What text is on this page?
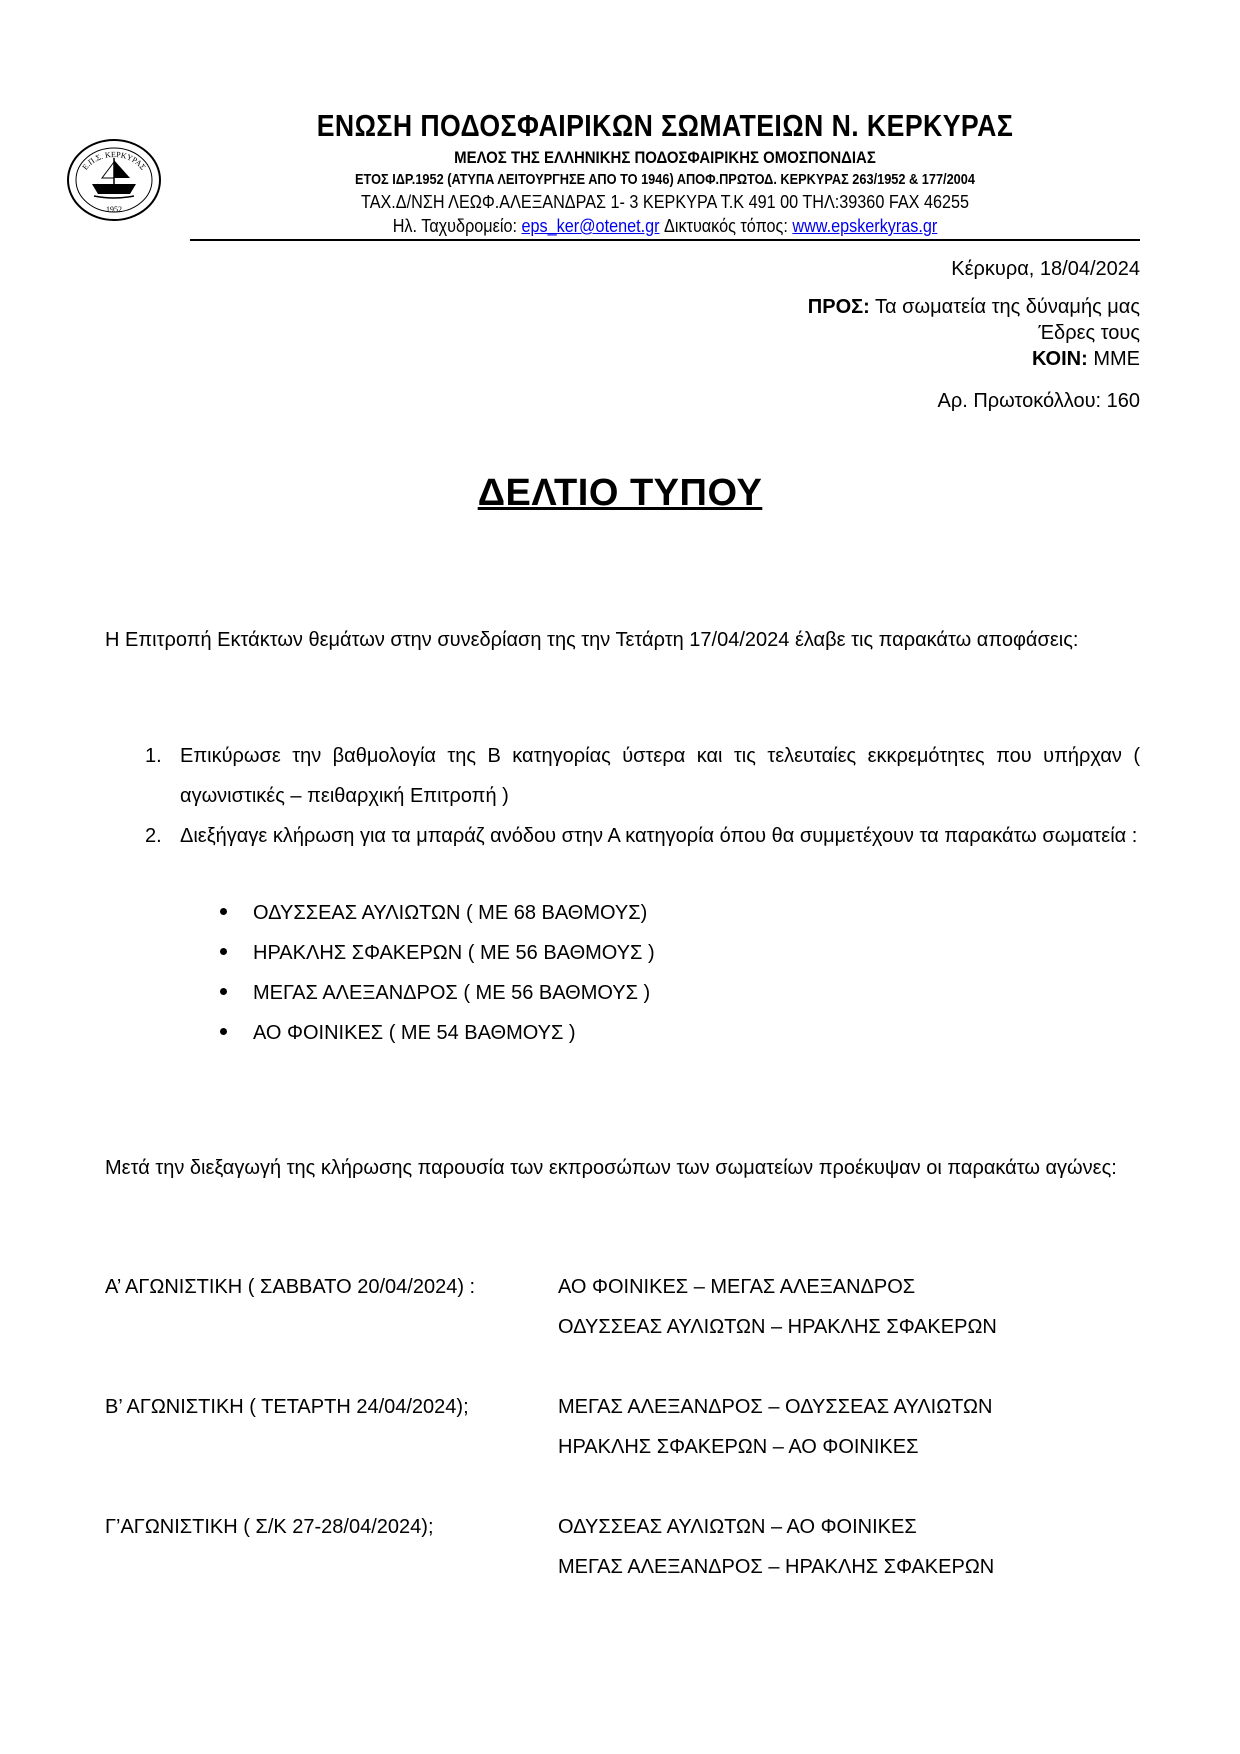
Ε.Π.Σ. ΚΕΡΚΥΡΑΣ
1952
ΕΝΩΣΗ ΠΟΔΟΣΦΑΙΡΙΚΩΝ ΣΩΜΑΤΕΙΩΝ Ν. ΚΕΡΚΥΡΑΣ
ΜΕΛΟΣ ΤΗΣ ΕΛΛΗΝΙΚΗΣ ΠΟΔΟΣΦΑΙΡΙΚΗΣ ΟΜΟΣΠΟΝΔΙΑΣ
ΕΤΟΣ ΙΔΡ.1952 (ΑΤΥΠΑ ΛΕΙΤΟΥΡΓΗΣΕ ΑΠΟ ΤΟ 1946) ΑΠΟΦ.ΠΡΩΤΟΔ. ΚΕΡΚΥΡΑΣ 263/1952 & 177/2004
ΤΑΧ.Δ/ΝΣΗ ΛΕΩΦ.ΑΛΕΞΑΝΔΡΑΣ 1- 3 ΚΕΡΚΥΡΑ Τ.Κ 491 00 ΤΗΛ:39360 FAX 46255
Ηλ. Ταχυδρομείο: eps_ker@otenet.gr Δικτυακός τόπος: www.epskerkyras.gr
Κέρκυρα, 18/04/2024
ΠΡΟΣ: Τα σωματεία της δύναμής μας
Έδρες τους
ΚΟΙΝ: ΜΜΕ
Αρ. Πρωτοκόλλου: 160
ΔΕΛΤΙΟ ΤΥΠΟΥ
Η Επιτροπή Εκτάκτων θεμάτων στην συνεδρίαση της την Τετάρτη 17/04/2024 έλαβε τις παρακάτω αποφάσεις:
1. Επικύρωσε την βαθμολογία της Β κατηγορίας ύστερα και τις τελευταίες εκκρεμότητες που υπήρχαν ( αγωνιστικές – πειθαρχική Επιτροπή )
2. Διεξήγαγε κλήρωση για τα μπαράζ ανόδου στην Α κατηγορία όπου θα συμμετέχουν τα παρακάτω σωματεία :
ΟΔΥΣΣΕΑΣ ΑΥΛΙΩΤΩΝ ( ΜΕ 68 ΒΑΘΜΟΥΣ)
ΗΡΑΚΛΗΣ ΣΦΑΚΕΡΩΝ ( ΜΕ 56 ΒΑΘΜΟΥΣ )
ΜΕΓΑΣ ΑΛΕΞΑΝΔΡΟΣ ( ΜΕ 56 ΒΑΘΜΟΥΣ )
ΑΟ ΦΟΙΝΙΚΕΣ ( ΜΕ 54 ΒΑΘΜΟΥΣ )
Μετά την διεξαγωγή της κλήρωσης παρουσία των εκπροσώπων των σωματείων προέκυψαν οι παρακάτω αγώνες:
Α’ ΑΓΩΝΙΣΤΙΚΗ ( ΣΑΒΒΑΤΟ 20/04/2024) :	ΑΟ ΦΟΙΝΙΚΕΣ – ΜΕΓΑΣ ΑΛΕΞΑΝΔΡΟΣ
ΟΔΥΣΣΕΑΣ ΑΥΛΙΩΤΩΝ – ΗΡΑΚΛΗΣ ΣΦΑΚΕΡΩΝ
Β’ ΑΓΩΝΙΣΤΙΚΗ ( ΤΕΤΑΡΤΗ 24/04/2024);	ΜΕΓΑΣ ΑΛΕΞΑΝΔΡΟΣ – ΟΔΥΣΣΕΑΣ ΑΥΛΙΩΤΩΝ
ΗΡΑΚΛΗΣ ΣΦΑΚΕΡΩΝ – ΑΟ ΦΟΙΝΙΚΕΣ
Γ’ΑΓΩΝΙΣΤΙΚΗ ( Σ/Κ 27-28/04/2024);	ΟΔΥΣΣΕΑΣ ΑΥΛΙΩΤΩΝ – ΑΟ ΦΟΙΝΙΚΕΣ
ΜΕΓΑΣ ΑΛΕΞΑΝΔΡΟΣ – ΗΡΑΚΛΗΣ ΣΦΑΚΕΡΩΝ
